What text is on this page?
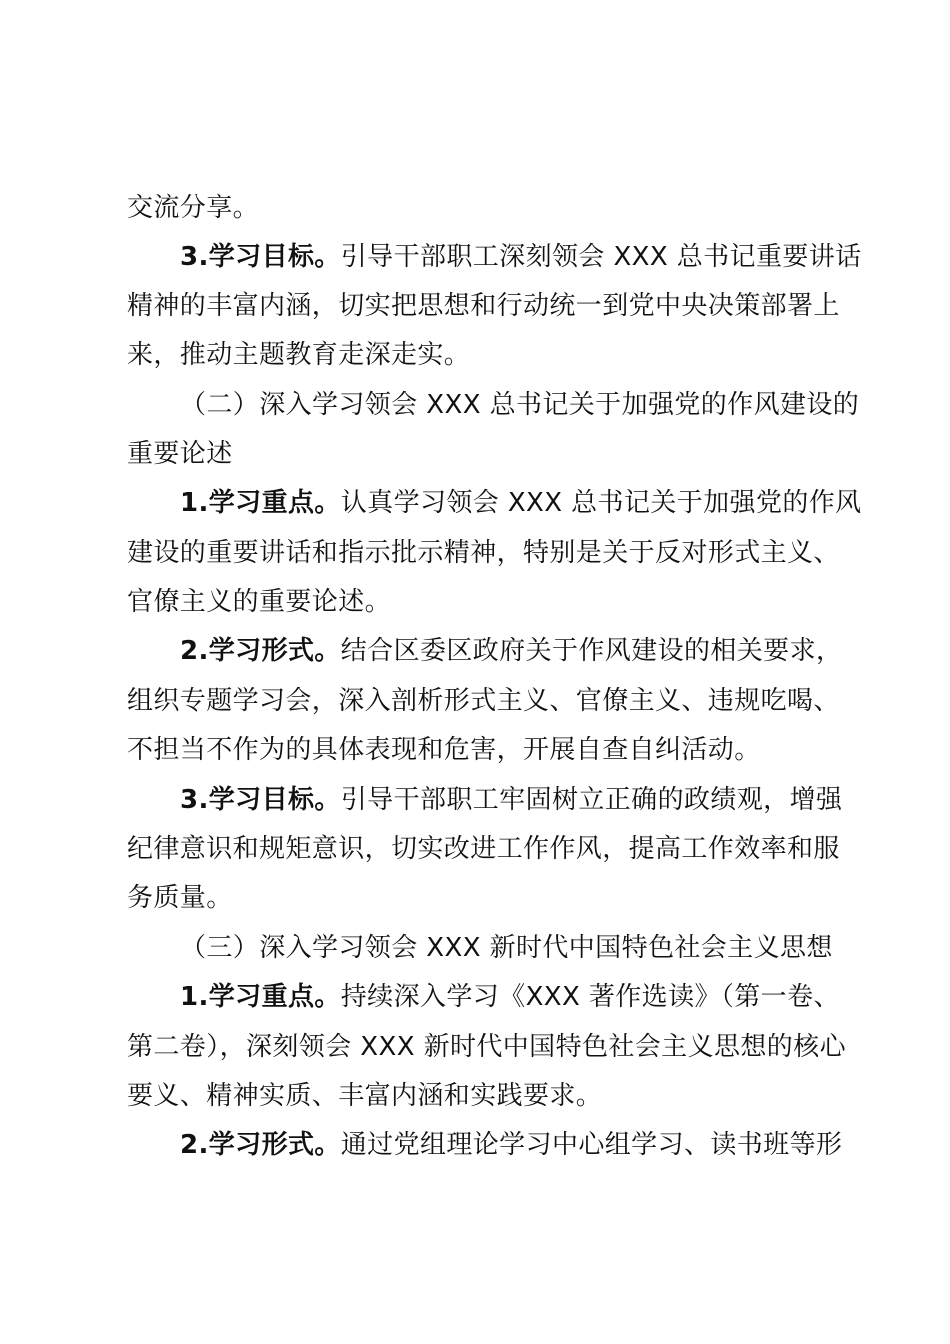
交流分享。
3.学习目标。引导干部职工深刻领会 XXX 总书记重要讲话
精神的丰富内涵，切实把思想和行动统一到党中央决策部署上
来，推动主题教育走深走实。
（二）深入学习领会 XXX 总书记关于加强党的作风建设的
重要论述
1.学习重点。认真学习领会 XXX 总书记关于加强党的作风
建设的重要讲话和指示批示精神，特别是关于反对形式主义、
官僚主义的重要论述。
2.学习形式。结合区委区政府关于作风建设的相关要求，
组织专题学习会，深入剖析形式主义、官僚主义、违规吃喝、
不担当不作为的具体表现和危害，开展自查自纠活动。
3.学习目标。引导干部职工牢固树立正确的政绩观，增强
纪律意识和规矩意识，切实改进工作作风，提高工作效率和服
务质量。
（三）深入学习领会 XXX 新时代中国特色社会主义思想
1.学习重点。持续深入学习《XXX 著作选读》（第一卷、
第二卷），深刻领会 XXX 新时代中国特色社会主义思想的核心
要义、精神实质、丰富内涵和实践要求。
2.学习形式。通过党组理论学习中心组学习、读书班等形
